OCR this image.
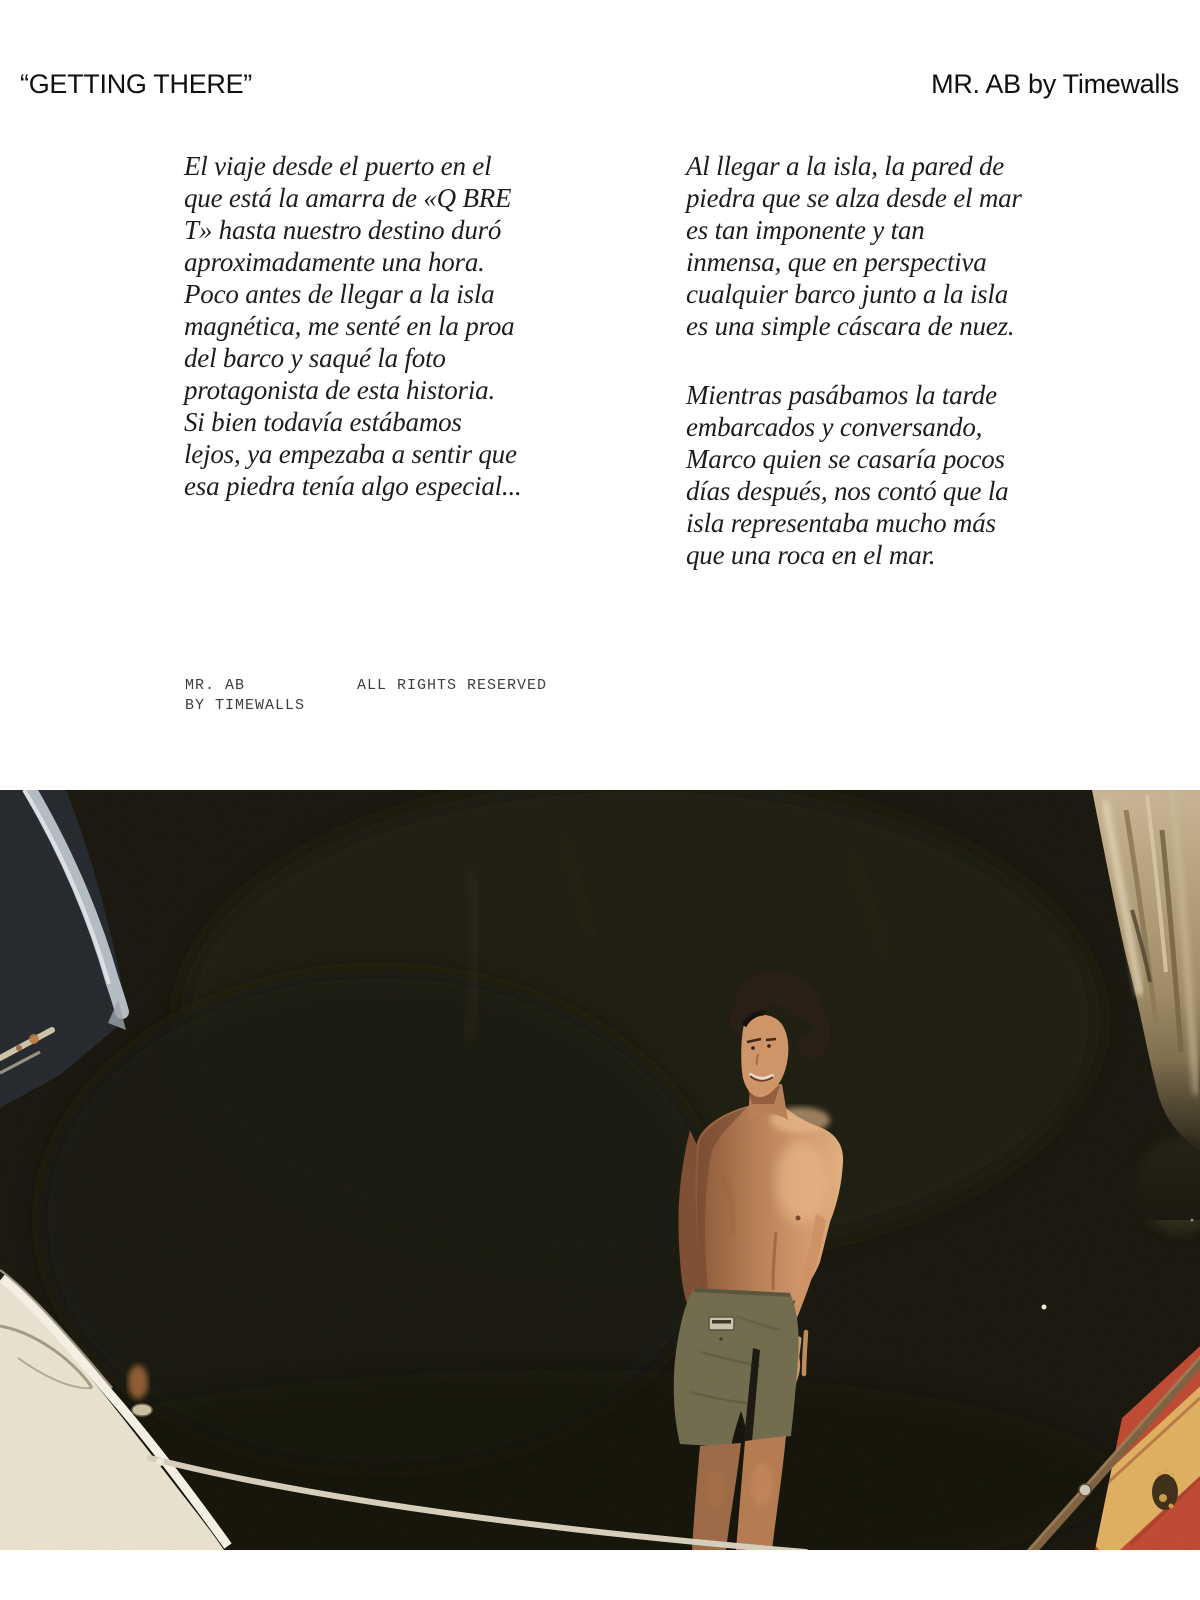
“GETTING THERE”	MR. AB by Timewalls
El viaje desde el puerto en el
que está la amarra de «Q BRE
T» hasta nuestro destino duró
aproximadamente una hora.
Poco antes de llegar a la isla
magnética, me senté en la proa
del barco y saqué la foto
protagonista de esta historia.
Si bien todavía estábamos
lejos, ya empezaba a sentir que
esa piedra tenía algo especial...
Al llegar a la isla, la pared de
piedra que se alza desde el mar
es tan imponente y tan
inmensa, que en perspectiva
cualquier barco junto a la isla
es una simple cáscara de nuez.
Mientras pasábamos la tarde
embarcados y conversando,
Marco quien se casaría pocos
días después, nos contó que la
isla representaba mucho más
que una roca en el mar.
MR. AB
BY TIMEWALLS
ALL RIGHTS RESERVED
